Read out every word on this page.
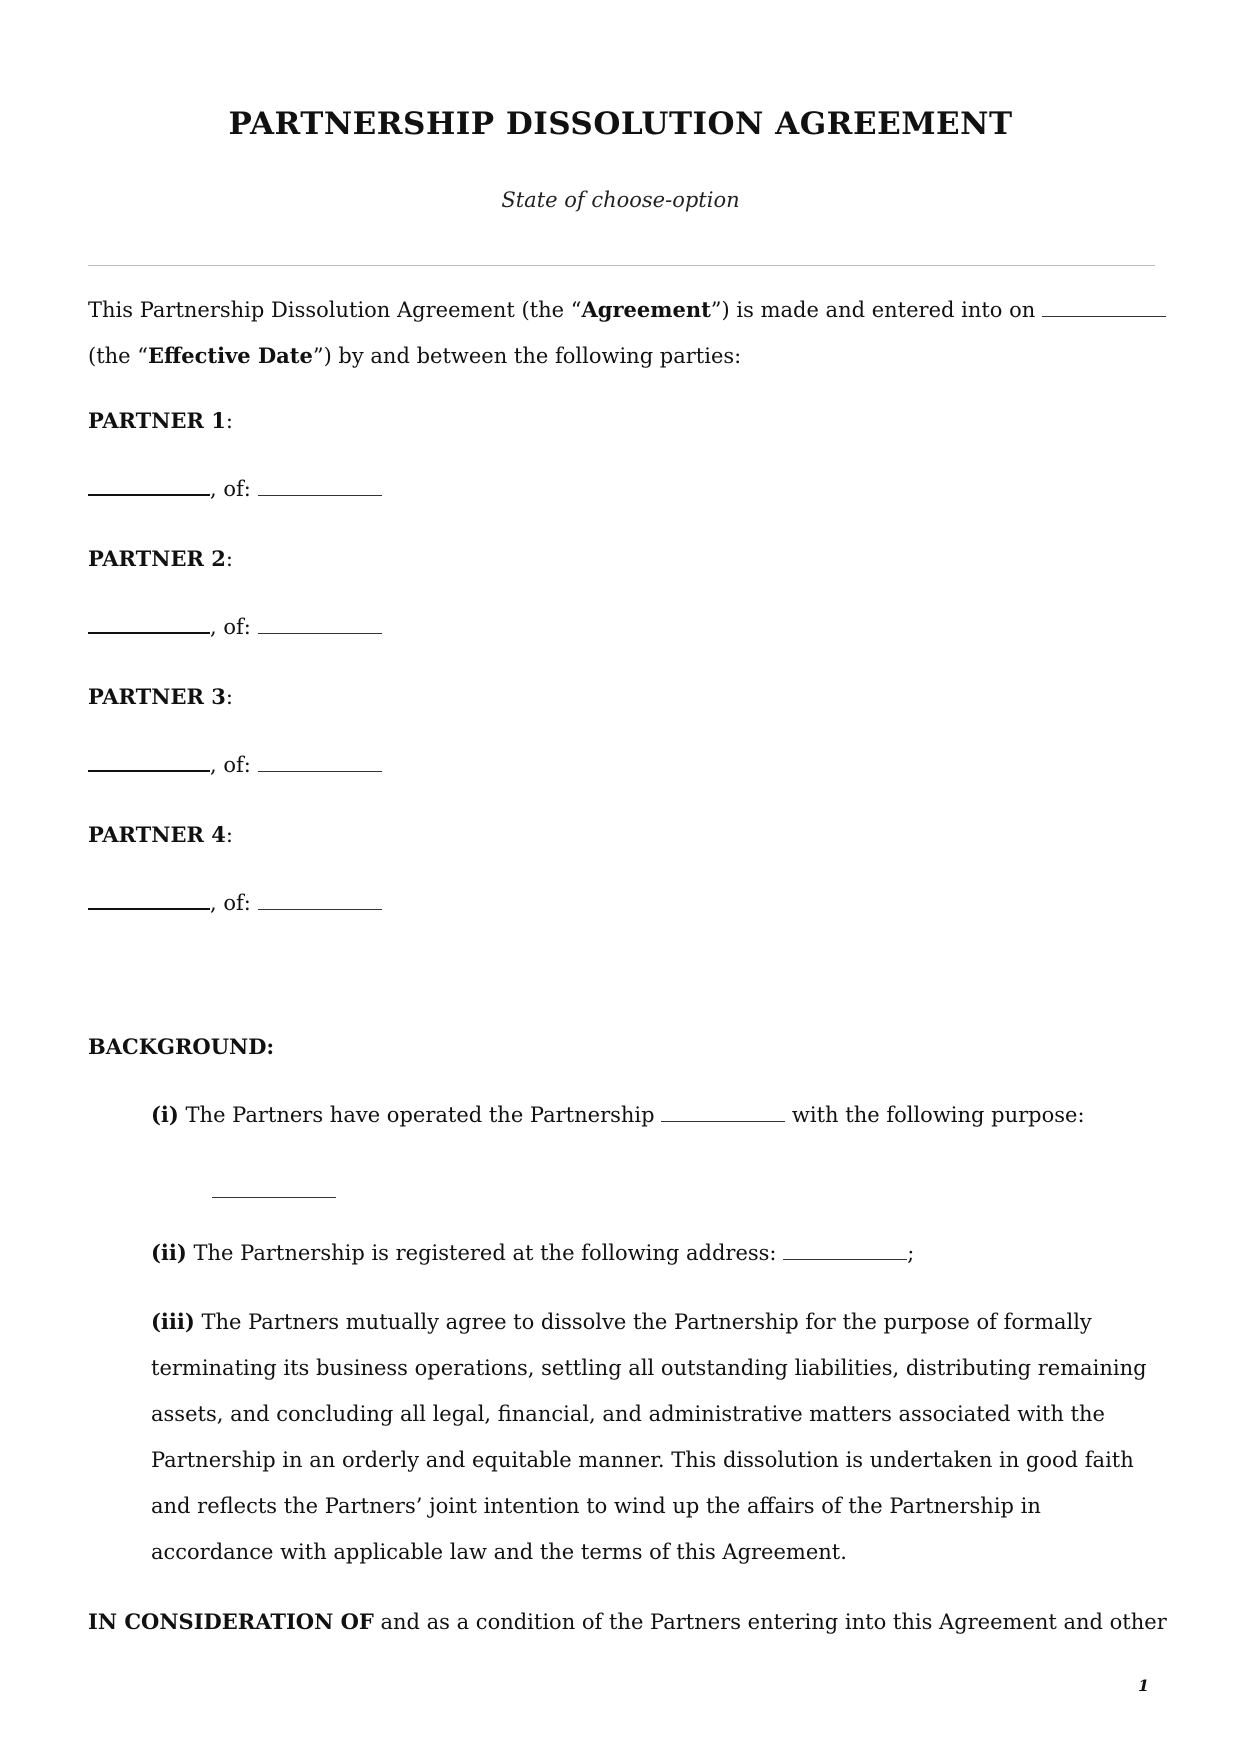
PARTNERSHIP DISSOLUTION AGREEMENT
State of choose-option
This Partnership Dissolution Agreement (the “Agreement”) is made and entered into on
(the “Effective Date”) by and between the following parties:
PARTNER 1:
, of:
PARTNER 2:
, of:
PARTNER 3:
, of:
PARTNER 4:
, of:
BACKGROUND:
(i) The Partners have operated the Partnership	with the following purpose:
(ii) The Partnership is registered at the following address:	;
(iii) The Partners mutually agree to dissolve the Partnership for the purpose of formally terminating its business operations, settling all outstanding liabilities, distributing remaining assets, and concluding all legal, financial, and administrative matters associated with the Partnership in an orderly and equitable manner. This dissolution is undertaken in good faith and reflects the Partners’ joint intention to wind up the affairs of the Partnership in accordance with applicable law and the terms of this Agreement.
IN CONSIDERATION OF and as a condition of the Partners entering into this Agreement and other
1
